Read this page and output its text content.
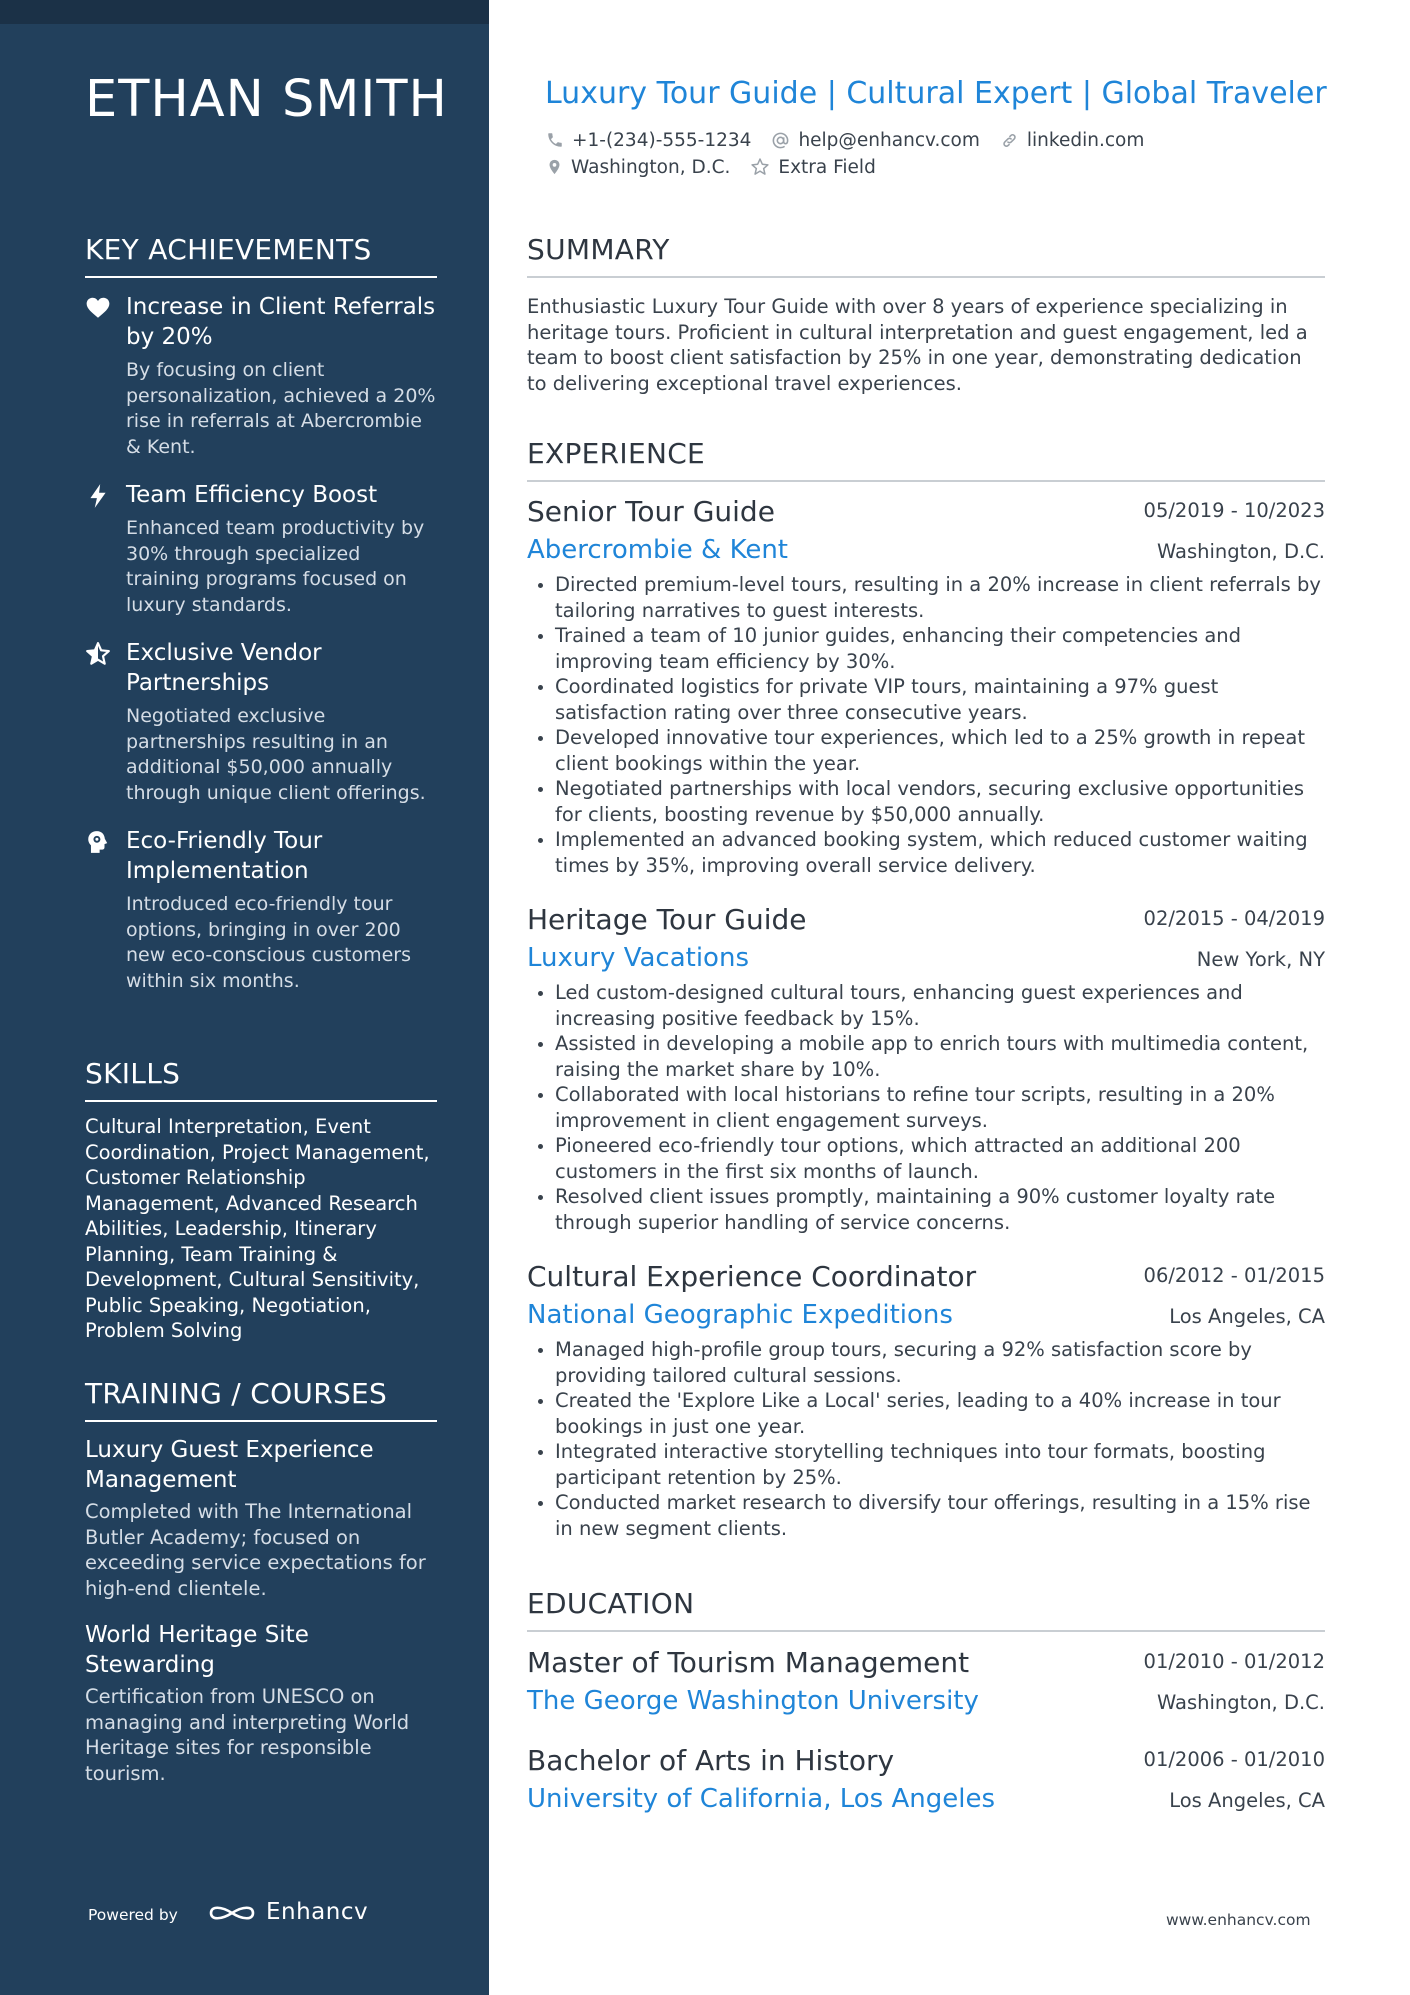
ETHAN SMITH
KEY ACHIEVEMENTS
Increase in Client Referrals by 20%
By focusing on client personalization, achieved a 20% rise in referrals at Abercrombie & Kent.
Team Efficiency Boost
Enhanced team productivity by 30% through specialized training programs focused on luxury standards.
Exclusive Vendor Partnerships
Negotiated exclusive partnerships resulting in an additional $50,000 annually through unique client offerings.
Eco-Friendly Tour Implementation
Introduced eco-friendly tour options, bringing in over 200 new eco-conscious customers within six months.
SKILLS
Cultural Interpretation, Event Coordination, Project Management, Customer Relationship Management, Advanced Research Abilities, Leadership, Itinerary Planning, Team Training & Development, Cultural Sensitivity, Public Speaking, Negotiation, Problem Solving
TRAINING / COURSES
Luxury Guest Experience Management
Completed with The International Butler Academy; focused on exceeding service expectations for high-end clientele.
World Heritage Site Stewarding
Certification from UNESCO on managing and interpreting World Heritage sites for responsible tourism.
Powered by	Enhancv
Luxury Tour Guide | Cultural Expert | Global Traveler
+1-(234)-555-1234	help@enhancv.com	linkedin.com
Washington, D.C.	Extra Field
SUMMARY
Enthusiastic Luxury Tour Guide with over 8 years of experience specializing in heritage tours. Proficient in cultural interpretation and guest engagement, led a team to boost client satisfaction by 25% in one year, demonstrating dedication to delivering exceptional travel experiences.
EXPERIENCE
Senior Tour Guide	05/2019 - 10/2023
Abercrombie & Kent	Washington, D.C.
Directed premium-level tours, resulting in a 20% increase in client referrals by tailoring narratives to guest interests.
Trained a team of 10 junior guides, enhancing their competencies and improving team efficiency by 30%.
Coordinated logistics for private VIP tours, maintaining a 97% guest satisfaction rating over three consecutive years.
Developed innovative tour experiences, which led to a 25% growth in repeat client bookings within the year.
Negotiated partnerships with local vendors, securing exclusive opportunities for clients, boosting revenue by $50,000 annually.
Implemented an advanced booking system, which reduced customer waiting times by 35%, improving overall service delivery.
Heritage Tour Guide	02/2015 - 04/2019
Luxury Vacations	New York, NY
Led custom-designed cultural tours, enhancing guest experiences and increasing positive feedback by 15%.
Assisted in developing a mobile app to enrich tours with multimedia content, raising the market share by 10%.
Collaborated with local historians to refine tour scripts, resulting in a 20% improvement in client engagement surveys.
Pioneered eco-friendly tour options, which attracted an additional 200 customers in the first six months of launch.
Resolved client issues promptly, maintaining a 90% customer loyalty rate through superior handling of service concerns.
Cultural Experience Coordinator	06/2012 - 01/2015
National Geographic Expeditions	Los Angeles, CA
Managed high-profile group tours, securing a 92% satisfaction score by providing tailored cultural sessions.
Created the 'Explore Like a Local' series, leading to a 40% increase in tour bookings in just one year.
Integrated interactive storytelling techniques into tour formats, boosting participant retention by 25%.
Conducted market research to diversify tour offerings, resulting in a 15% rise in new segment clients.
EDUCATION
Master of Tourism Management	01/2010 - 01/2012
The George Washington University	Washington, D.C.
Bachelor of Arts in History	01/2006 - 01/2010
University of California, Los Angeles	Los Angeles, CA
www.enhancv.com
